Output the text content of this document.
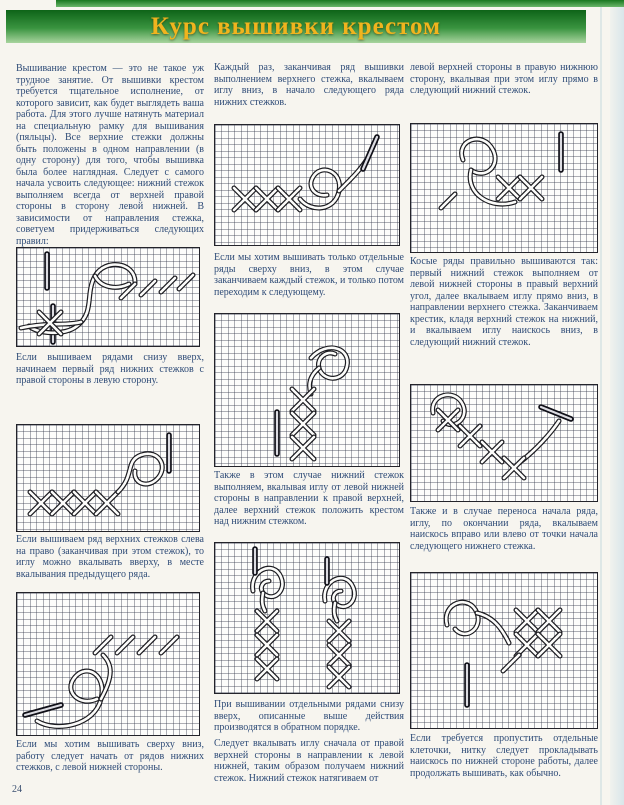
Курс вышивки крестом
Вышивание крестом — это не такое уж трудное занятие. От вышивки крестом требуется тщательное исполнение, от которого зависит, как будет выглядеть ваша работа. Для этого лучше натянуть материал на специальную рамку для вышивания (пяльцы). Все верхние стежки должны быть положены в одном направлении (в одну сторону) для того, чтобы вышивка была более наглядная. Следует с самого начала усвоить следующее: нижний стежок выполняем всегда от верхней правой стороны в сторону левой нижней. В зависимости от направления стежка, советуем придерживаться следующих правил:
Если вышиваем рядами снизу вверх, начинаем первый ряд нижних стежков с правой стороны в левую сторону.
Если вышиваем ряд верхних стежков слева на право (заканчивая при этом стежок), то иглу можно вкалывать вверху, в месте вкалывания предыдущего ряда.
Если мы хотим вышивать сверху вниз, работу следует начать от рядов нижних стежков, с левой нижней стороны.
24
Каждый раз, заканчивая ряд вышивки выполнением верхнего стежка, вкалываем иглу вниз, в начало следующего ряда нижних стежков.
Если мы хотим вышивать только отдельные ряды сверху вниз, в этом случае заканчиваем каждый стежок, и только потом переходим к следующему.
Также в этом случае нижний стежок выполняем, вкалывая иглу от левой нижней стороны в направлении к правой верхней, далее верхний стежок положить крестом над нижним стежком.
При вышивании отдельными рядами снизу вверх, описанные выше действия производятся в обратном порядке.
Следует вкалывать иглу сначала от правой верхней стороны в направлении к левой нижней, таким образом получаем нижний стежок. Нижний стежок натягиваем от
левой верхней стороны в правую нижнюю сторону, вкалывая при этом иглу прямо в следующий нижний стежок.
Косые ряды правильно вышиваются так: первый нижний стежок выполняем от левой нижней стороны в правый верхний угол, далее вкалываем иглу прямо вниз, в направлении верхнего стежка. Заканчиваем крестик, кладя верхний стежок на нижний, и вкалываем иглу наискось вниз, в следующий нижний стежок.
Также и в случае переноса начала ряда, иглу, по окончании ряда, вкалываем наискось вправо или влево от точки начала следующего нижнего стежка.
Если требуется пропустить отдельные клеточки, нитку следует прокладывать наискось по нижней стороне работы, далее продолжать вышивать, как обычно.
